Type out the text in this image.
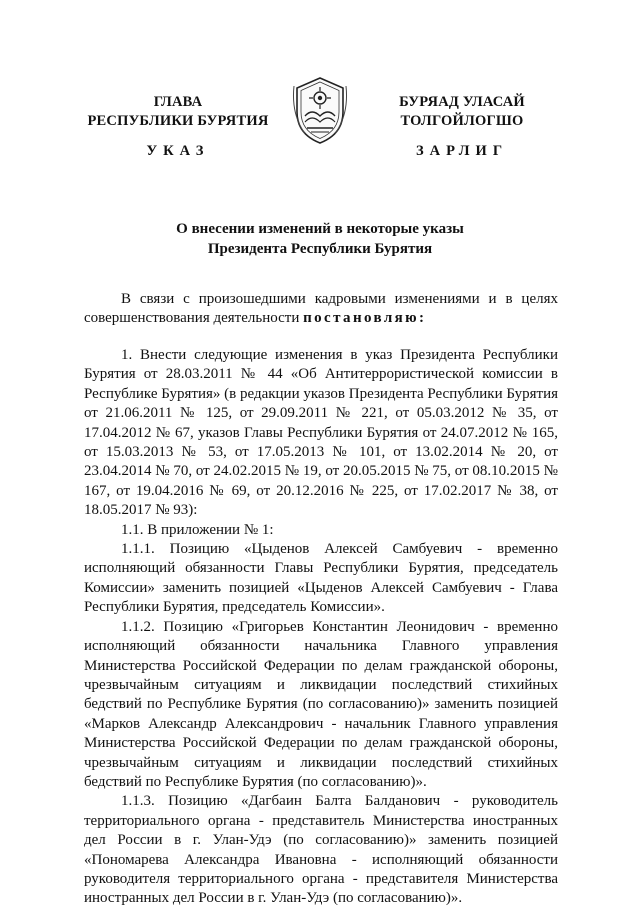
ГЛАВА
РЕСПУБЛИКИ БУРЯТИЯ
БУРЯАД УЛАСАЙ
ТОЛГОЙЛОГШО
УКАЗ	ЗАРЛИГ
О внесении изменений в некоторые указы
Президента Республики Бурятия

В связи с произошедшими кадровыми изменениями и в целях совершенствования деятельности постановляю:

1. Внести следующие изменения в указ Президента Республики Бурятия от 28.03.2011 № 44 «Об Антитеррористической комиссии в Республике Бурятия» (в редакции указов Президента Республики Бурятия от 21.06.2011 № 125, от 29.09.2011 № 221, от 05.03.2012 № 35, от 17.04.2012 № 67, указов Главы Республики Бурятия от 24.07.2012 № 165, от 15.03.2013 № 53, от 17.05.2013 № 101, от 13.02.2014 № 20, от 23.04.2014 № 70, от 24.02.2015 № 19, от 20.05.2015 № 75, от 08.10.2015 № 167, от 19.04.2016 № 69, от 20.12.2016 № 225, от 17.02.2017 № 38, от 18.05.2017 № 93):

1.1. В приложении № 1:

1.1.1. Позицию «Цыденов Алексей Самбуевич - временно исполняющий обязанности Главы Республики Бурятия, председатель Комиссии» заменить позицией «Цыденов Алексей Самбуевич - Глава Республики Бурятия, председатель Комиссии».

1.1.2. Позицию «Григорьев Константин Леонидович - временно исполняющий обязанности начальника Главного управления Министерства Российской Федерации по делам гражданской обороны, чрезвычайным ситуациям и ликвидации последствий стихийных бедствий по Республике Бурятия (по согласованию)» заменить позицией «Марков Александр Александрович - начальник Главного управления Министерства Российской Федерации по делам гражданской обороны, чрезвычайным ситуациям и ликвидации последствий стихийных бедствий по Республике Бурятия (по согласованию)».

1.1.3. Позицию «Дагбаин Балта Балданович - руководитель территориального органа - представитель Министерства иностранных дел России в г. Улан-Удэ (по согласованию)» заменить позицией «Пономарева Александра Ивановна - исполняющий обязанности руководителя территориального органа - представителя Министерства иностранных дел России в г. Улан-Удэ (по согласованию)».
